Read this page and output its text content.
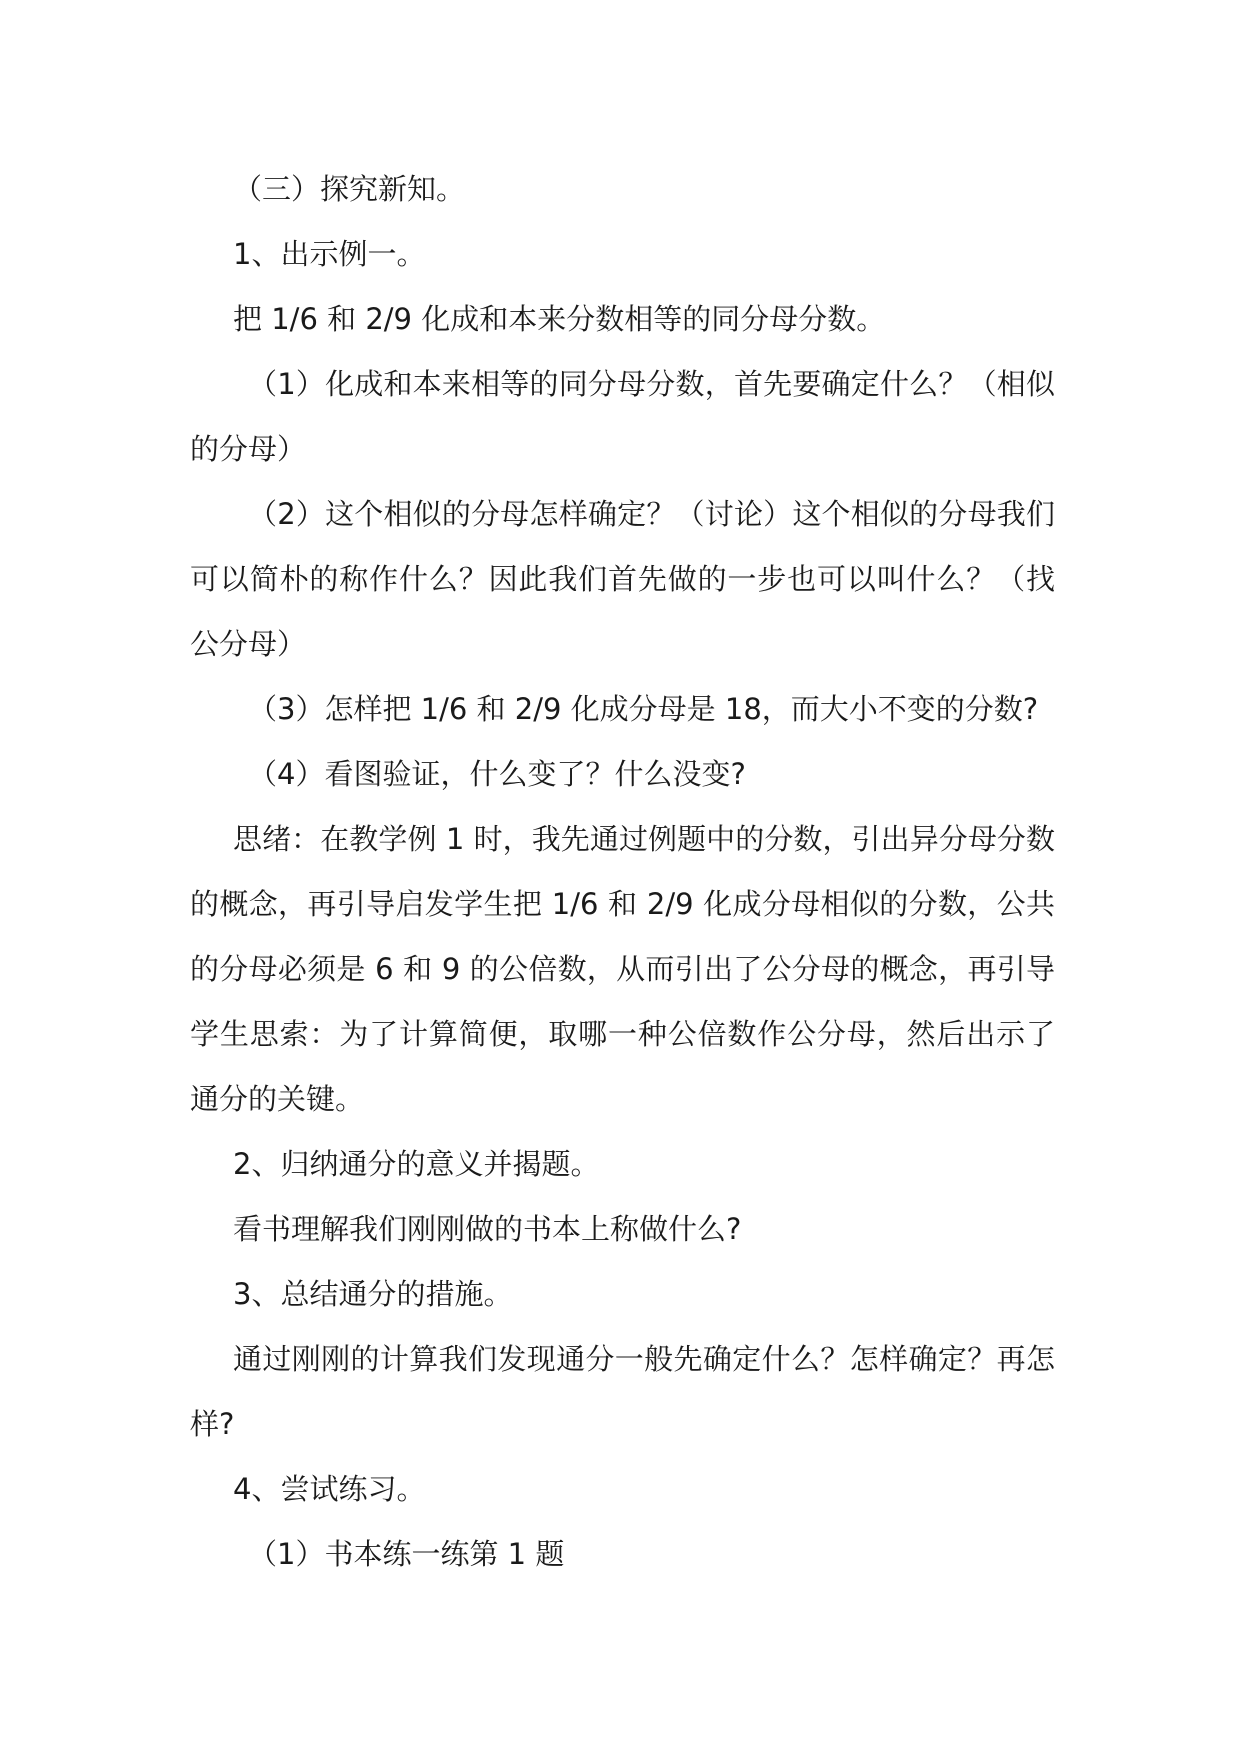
（三）探究新知。

1、出示例一。

把 1/6 和 2/9 化成和本来分数相等的同分母分数。

（1）化成和本来相等的同分母分数，首先要确定什么？（相似的分母）

（2）这个相似的分母怎样确定？（讨论）这个相似的分母我们可以简朴的称作什么？因此我们首先做的一步也可以叫什么？（找公分母）

（3）怎样把 1/6 和 2/9 化成分母是 18，而大小不变的分数?

（4）看图验证，什么变了？什么没变?

思绪：在教学例 1 时，我先通过例题中的分数，引出异分母分数的概念，再引导启发学生把 1/6 和 2/9 化成分母相似的分数，公共的分母必须是 6 和 9 的公倍数，从而引出了公分母的概念，再引导学生思索：为了计算简便，取哪一种公倍数作公分母，然后出示了通分的关键。

2、归纳通分的意义并揭题。

看书理解我们刚刚做的书本上称做什么?

3、总结通分的措施。

通过刚刚的计算我们发现通分一般先确定什么？怎样确定？再怎样?

4、尝试练习。

（1）书本练一练第 1 题
